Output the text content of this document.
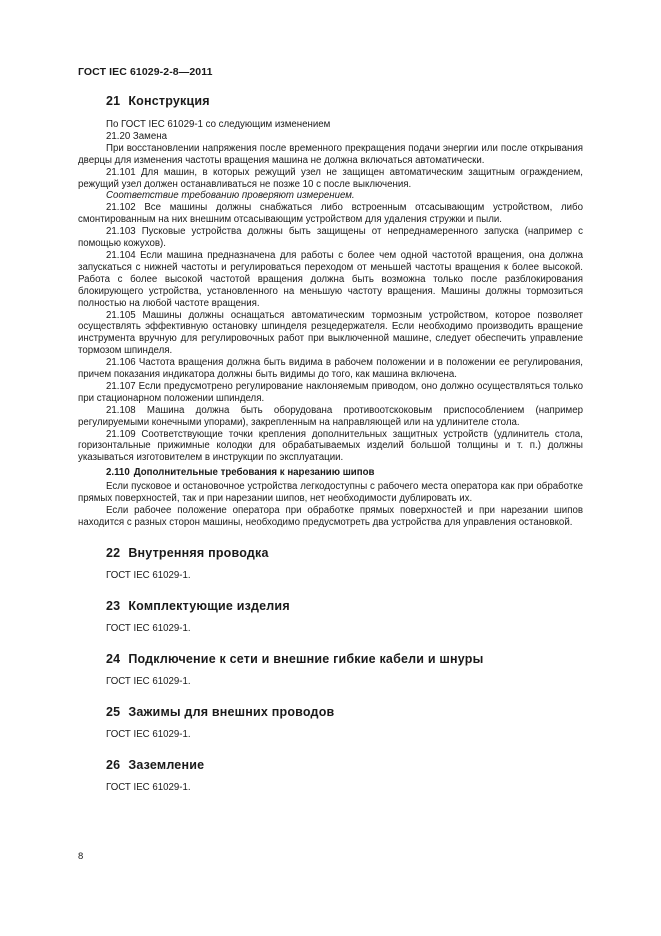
ГОСТ IEC 61029-2-8—2011
21 Конструкция

По ГОСТ IEC 61029-1 со следующим изменением

21.20 Замена

При восстановлении напряжения после временного прекращения подачи энергии или после открывания дверцы для изменения частоты вращения машина не должна включаться автоматически.

21.101 Для машин, в которых режущий узел не защищен автоматическим защитным ограждением, режущий узел должен останавливаться не позже 10 с после выключения.

Соответствие требованию проверяют измерением.

21.102 Все машины должны снабжаться либо встроенным отсасывающим устройством, либо смонтированным на них внешним отсасывающим устройством для удаления стружки и пыли.

21.103 Пусковые устройства должны быть защищены от непреднамеренного запуска (например с помощью кожухов).

21.104 Если машина предназначена для работы с более чем одной частотой вращения, она должна запускаться с нижней частоты и регулироваться переходом от меньшей частоты вращения к более высокой. Работа с более высокой частотой вращения должна быть возможна только после разблокирования блокирующего устройства, установленного на меньшую частоту вращения. Машины должны тормозиться полностью на любой частоте вращения.

21.105 Машины должны оснащаться автоматическим тормозным устройством, которое позволяет осуществлять эффективную остановку шпинделя резцедержателя. Если необходимо производить вращение инструмента вручную для регулировочных работ при выключенной машине, следует обеспечить управление тормозом шпинделя.

21.106 Частота вращения должна быть видима в рабочем положении и в положении ее регулирования, причем показания индикатора должны быть видимы до того, как машина включена.

21.107 Если предусмотрено регулирование наклоняемым приводом, оно должно осуществляться только при стационарном положении шпинделя.

21.108 Машина должна быть оборудована противоотскоковым приспособлением (например регулируемыми конечными упорами), закрепленным на направляющей или на удлинителе стола.

21.109 Соответствующие точки крепления дополнительных защитных устройств (удлинитель стола, горизонтальные прижимные колодки для обрабатываемых изделий большой толщины и т. п.) должны указываться изготовителем в инструкции по эксплуатации.

2.110 Дополнительные требования к нарезанию шипов

Если пусковое и остановочное устройства легкодоступны с рабочего места оператора как при обработке прямых поверхностей, так и при нарезании шипов, нет необходимости дублировать их.

Если рабочее положение оператора при обработке прямых поверхностей и при нарезании шипов находится с разных сторон машины, необходимо предусмотреть два устройства для управления остановкой.

22 Внутренняя проводка

ГОСТ IEC 61029-1.

23 Комплектующие изделия

ГОСТ IEC 61029-1.

24 Подключение к сети и внешние гибкие кабели и шнуры

ГОСТ IEC 61029-1.

25 Зажимы для внешних проводов

ГОСТ IEC 61029-1.

26 Заземление

ГОСТ IEC 61029-1.

8
